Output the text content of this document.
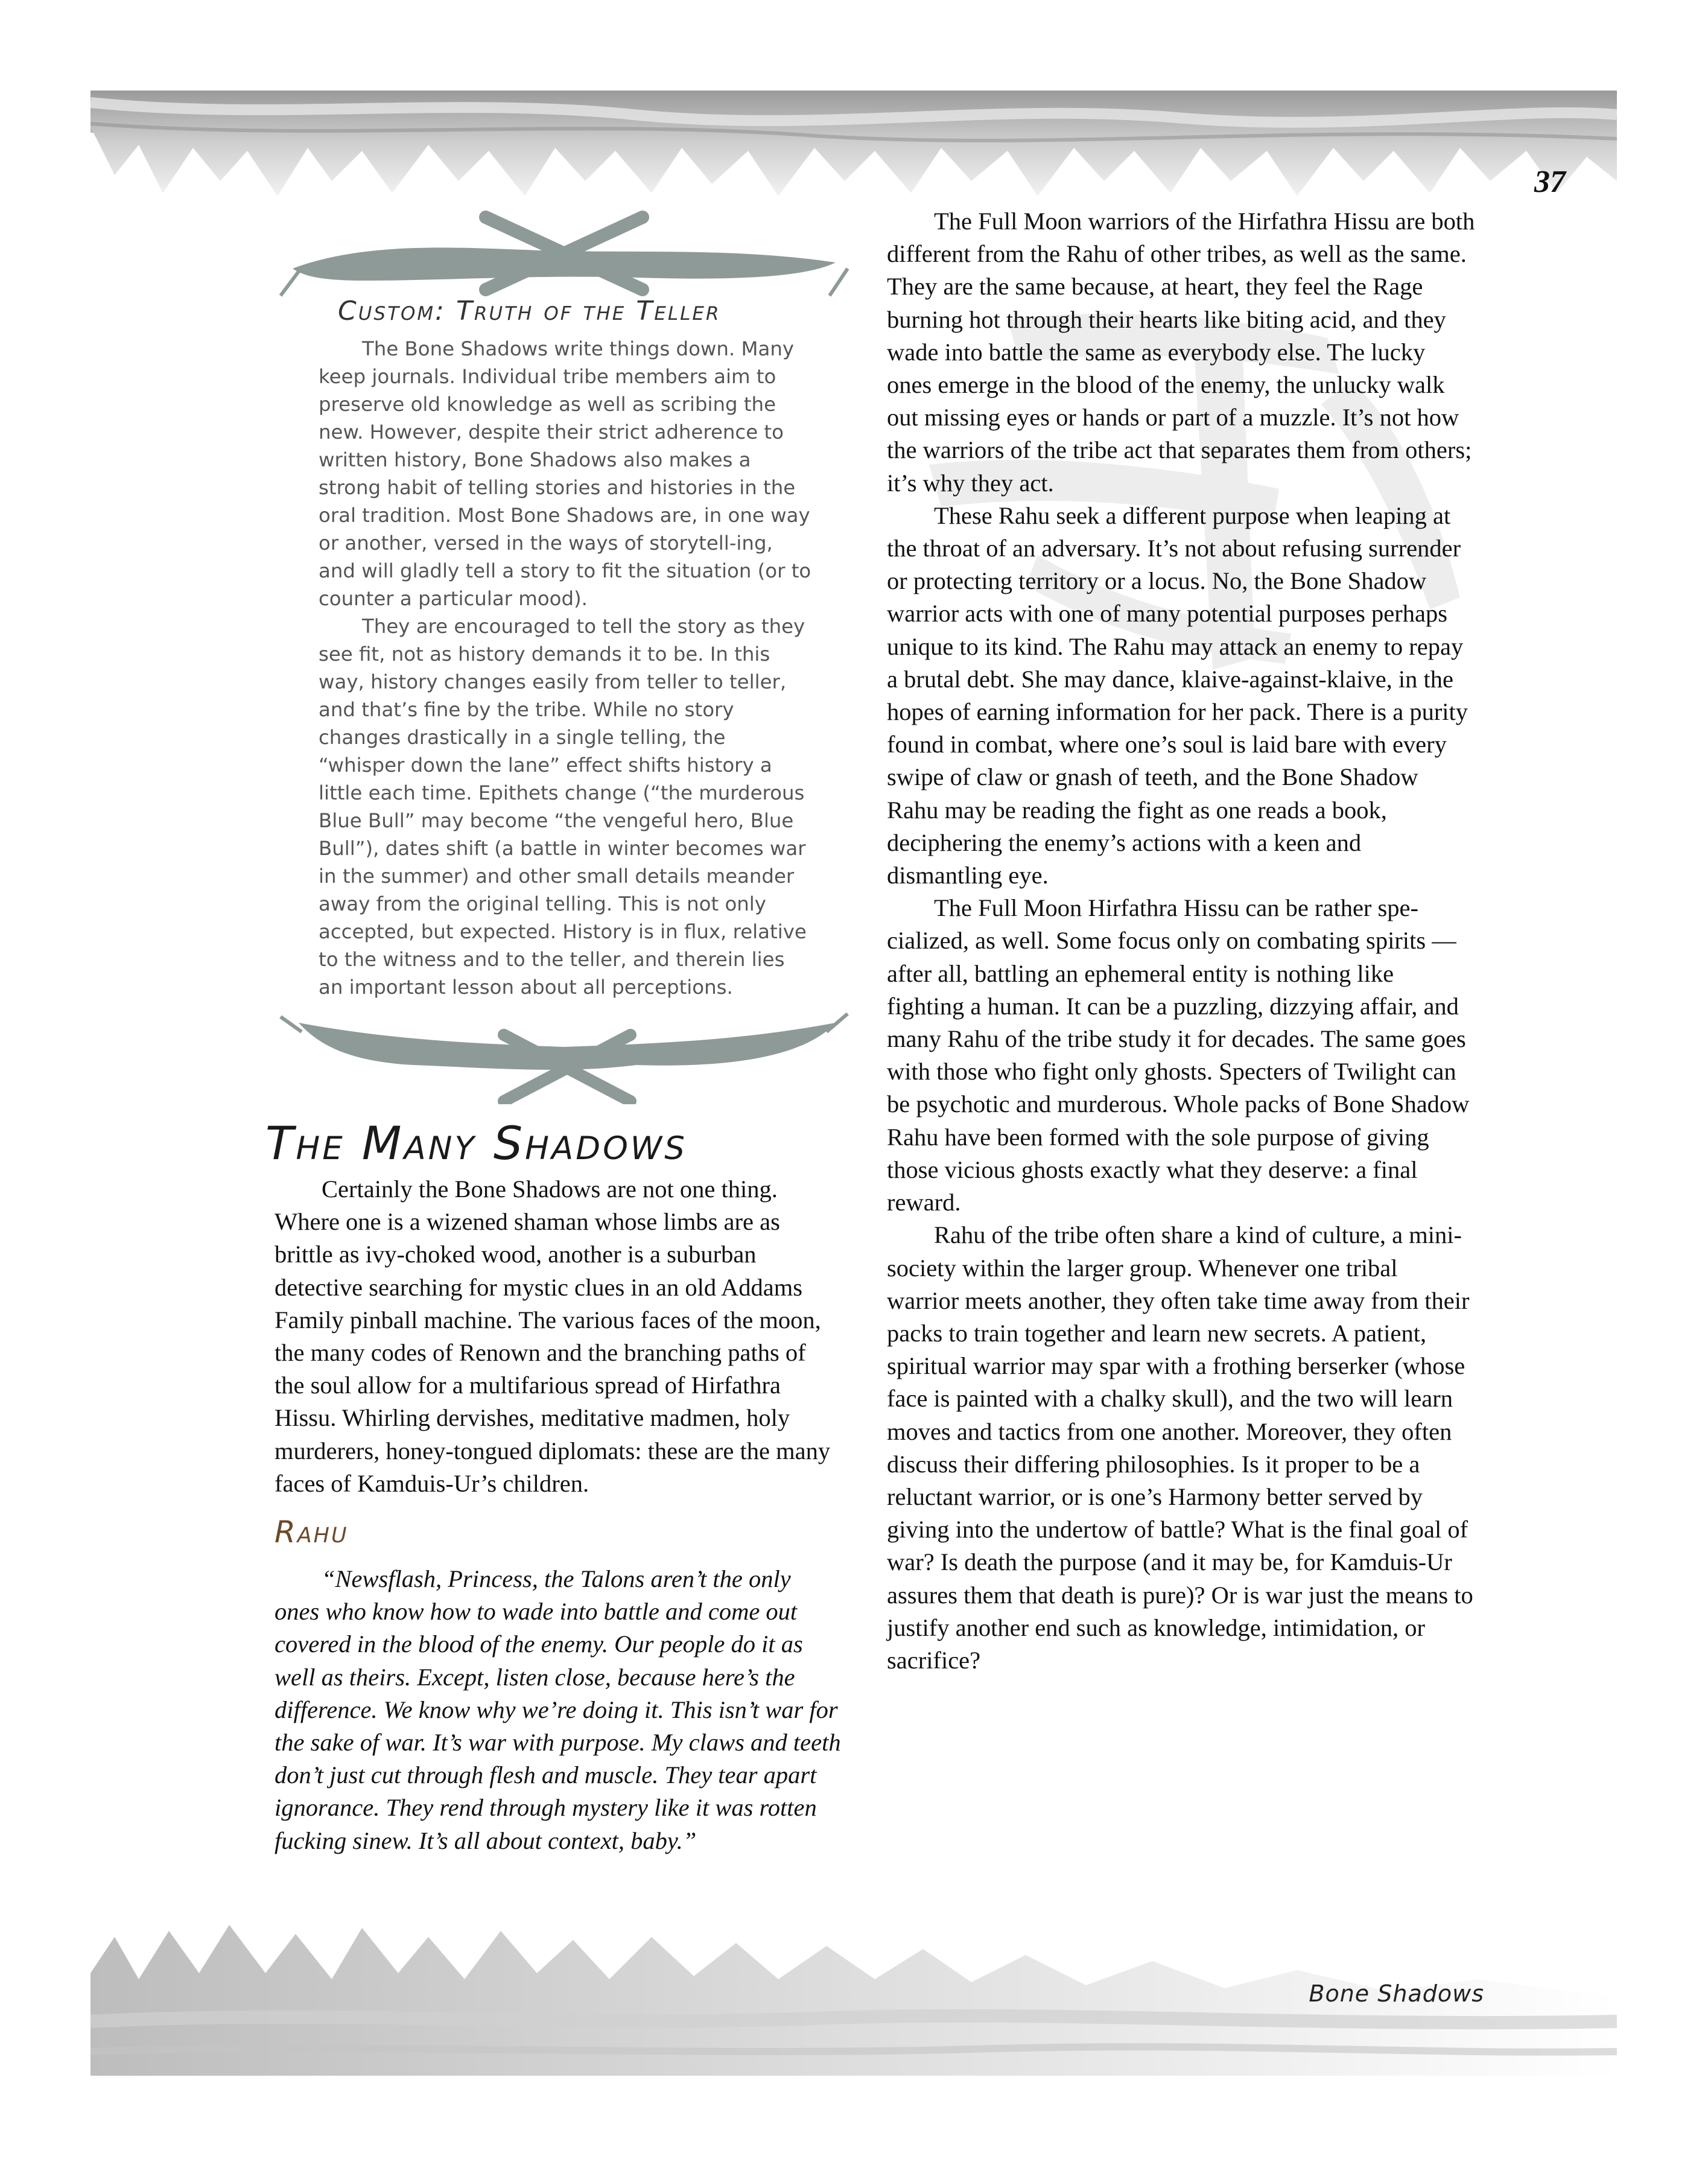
37
Custom: Truth of the Teller

The Bone Shadows write things down. Many keep journals. Individual tribe members aim to preserve old knowledge as well as scribing the new. However, despite their strict adherence to written history, Bone Shadows also makes a strong habit of telling stories and histories in the oral tradition. Most Bone Shadows are, in one way or another, versed in the ways of storytell-ing, and will gladly tell a story to fit the situation (or to counter a particular mood).

They are encouraged to tell the story as they see fit, not as history demands it to be. In this way, history changes easily from teller to teller, and that’s fine by the tribe. While no story changes drastically in a single telling, the “whisper down the lane” effect shifts history a little each time. Epithets change (“the murderous Blue Bull” may become “the vengeful hero, Blue Bull”), dates shift (a battle in winter becomes war in the summer) and other small details meander away from the original telling. This is not only accepted, but expected. History is in flux, relative to the witness and to the teller, and therein lies an important lesson about all perceptions.

The Many Shadows

Certainly the Bone Shadows are not one thing. Where one is a wizened shaman whose limbs are as brittle as ivy-choked wood, another is a suburban detective searching for mystic clues in an old Addams Family pinball machine. The various faces of the moon, the many codes of Renown and the branching paths of the soul allow for a multifarious spread of Hirfathra Hissu. Whirling dervishes, meditative madmen, holy murderers, honey-tongued diplomats: these are the many faces of Kamduis-Ur’s children.

Rahu

“Newsflash, Princess, the Talons aren’t the only ones who know how to wade into battle and come out covered in the blood of the enemy. Our people do it as well as theirs. Except, listen close, because here’s the difference. We know why we’re doing it. This isn’t war for the sake of war. It’s war with purpose. My claws and teeth don’t just cut through flesh and muscle. They tear apart ignorance. They rend through mystery like it was rotten fucking sinew. It’s all about context, baby.”

The Full Moon warriors of the Hirfathra Hissu are both different from the Rahu of other tribes, as well as the same. They are the same because, at heart, they feel the Rage burning hot through their hearts like biting acid, and they wade into battle the same as everybody else. The lucky ones emerge in the blood of the enemy, the unlucky walk out missing eyes or hands or part of a muzzle. It’s not how the warriors of the tribe act that separates them from others; it’s why they act.

These Rahu seek a different purpose when leaping at the throat of an adversary. It’s not about refusing surrender or protecting territory or a locus. No, the Bone Shadow warrior acts with one of many potential purposes perhaps unique to its kind. The Rahu may attack an enemy to repay a brutal debt. She may dance, klaive-against-klaive, in the hopes of earning information for her pack. There is a purity found in combat, where one’s soul is laid bare with every swipe of claw or gnash of teeth, and the Bone Shadow Rahu may be reading the fight as one reads a book, deciphering the enemy’s actions with a keen and dismantling eye.

The Full Moon Hirfathra Hissu can be rather spe-cialized, as well. Some focus only on combating spirits — after all, battling an ephemeral entity is nothing like fighting a human. It can be a puzzling, dizzying affair, and many Rahu of the tribe study it for decades. The same goes with those who fight only ghosts. Specters of Twilight can be psychotic and murderous. Whole packs of Bone Shadow Rahu have been formed with the sole purpose of giving those vicious ghosts exactly what they deserve: a final reward.

Rahu of the tribe often share a kind of culture, a mini-society within the larger group. Whenever one tribal warrior meets another, they often take time away from their packs to train together and learn new secrets. A patient, spiritual warrior may spar with a frothing berserker (whose face is painted with a chalky skull), and the two will learn moves and tactics from one another. Moreover, they often discuss their differing philosophies. Is it proper to be a reluctant warrior, or is one’s Harmony better served by giving into the undertow of battle? What is the final goal of war? Is death the purpose (and it may be, for Kamduis-Ur assures them that death is pure)? Or is war just the means to justify another end such as knowledge, intimidation, or sacrifice?

Bone Shadows
